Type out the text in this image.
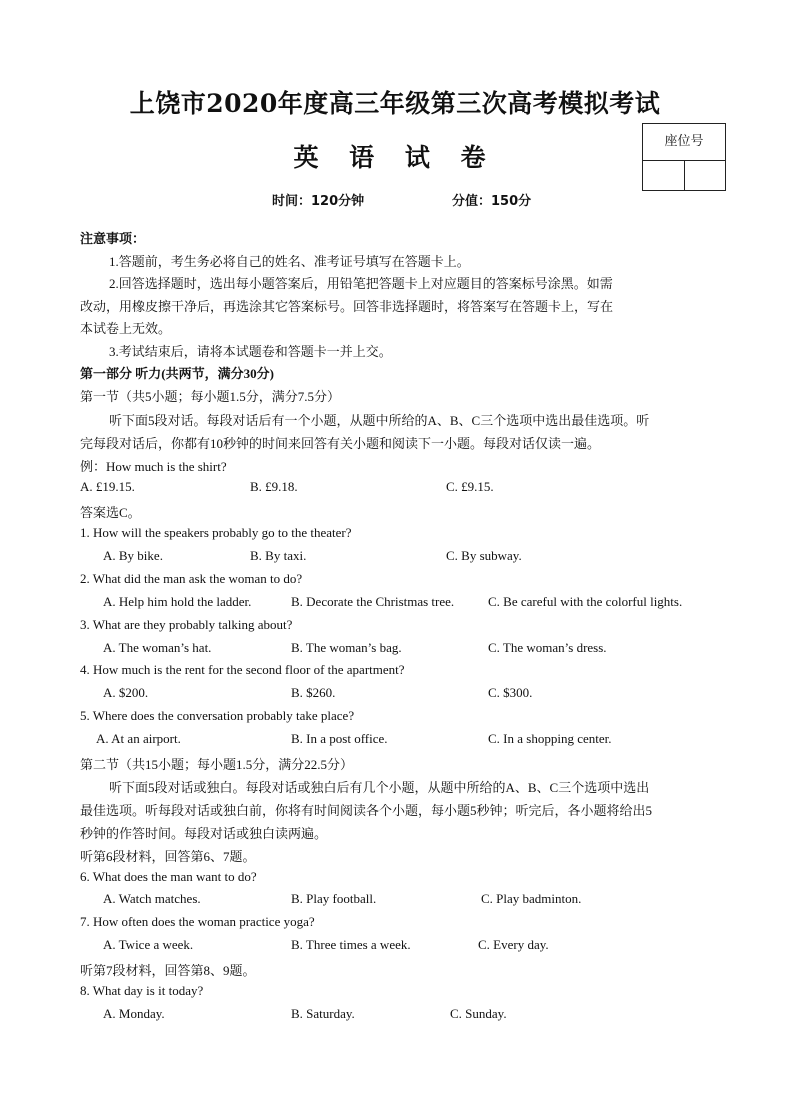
上饶市2020年度高三年级第三次高考模拟考试
英 语 试 卷
座位号
时间：120分钟	分值：150分
注意事项：
1.答题前，考生务必将自己的姓名、准考证号填写在答题卡上。
2.回答选择题时，选出每小题答案后，用铅笔把答题卡上对应题目的答案标号涂黑。如需
改动，用橡皮擦干净后，再选涂其它答案标号。回答非选择题时，将答案写在答题卡上，写在
本试卷上无效。
3.考试结束后，请将本试题卷和答题卡一并上交。
第一部分 听力(共两节，满分30分)
第一节（共5小题；每小题1.5分，满分7.5分）
听下面5段对话。每段对话后有一个小题，从题中所给的A、B、C三个选项中选出最佳选项。听
完每段对话后，你都有10秒钟的时间来回答有关小题和阅读下一小题。每段对话仅读一遍。
例：How much is the shirt?
A. £19.15.	B. £9.18.	C. £9.15.
答案选C。
1. How will the speakers probably go to the theater?
A. By bike.	B. By taxi.	C. By subway.
2. What did the man ask the woman to do?
A. Help him hold the ladder.	B. Decorate the Christmas tree.	C. Be careful with the colorful lights.
3. What are they probably talking about?
A. The woman’s hat.	B. The woman’s bag.	C. The woman’s dress.
4. How much is the rent for the second floor of the apartment?
A. $200.	B. $260.	C. $300.
5. Where does the conversation probably take place?
A. At an airport.	B. In a post office.	C. In a shopping center.
第二节（共15小题；每小题1.5分，满分22.5分）
听下面5段对话或独白。每段对话或独白后有几个小题，从题中所给的A、B、C三个选项中选出
最佳选项。听每段对话或独白前，你将有时间阅读各个小题，每小题5秒钟；听完后，各小题将给出5
秒钟的作答时间。每段对话或独白读两遍。
听第6段材料，回答第6、7题。
6. What does the man want to do?
A. Watch matches.	B. Play football.	C. Play badminton.
7. How often does the woman practice yoga?
A. Twice a week.	B. Three times a week.	C. Every day.
听第7段材料，回答第8、9题。
8. What day is it today?
A. Monday.	B. Saturday.	C. Sunday.
